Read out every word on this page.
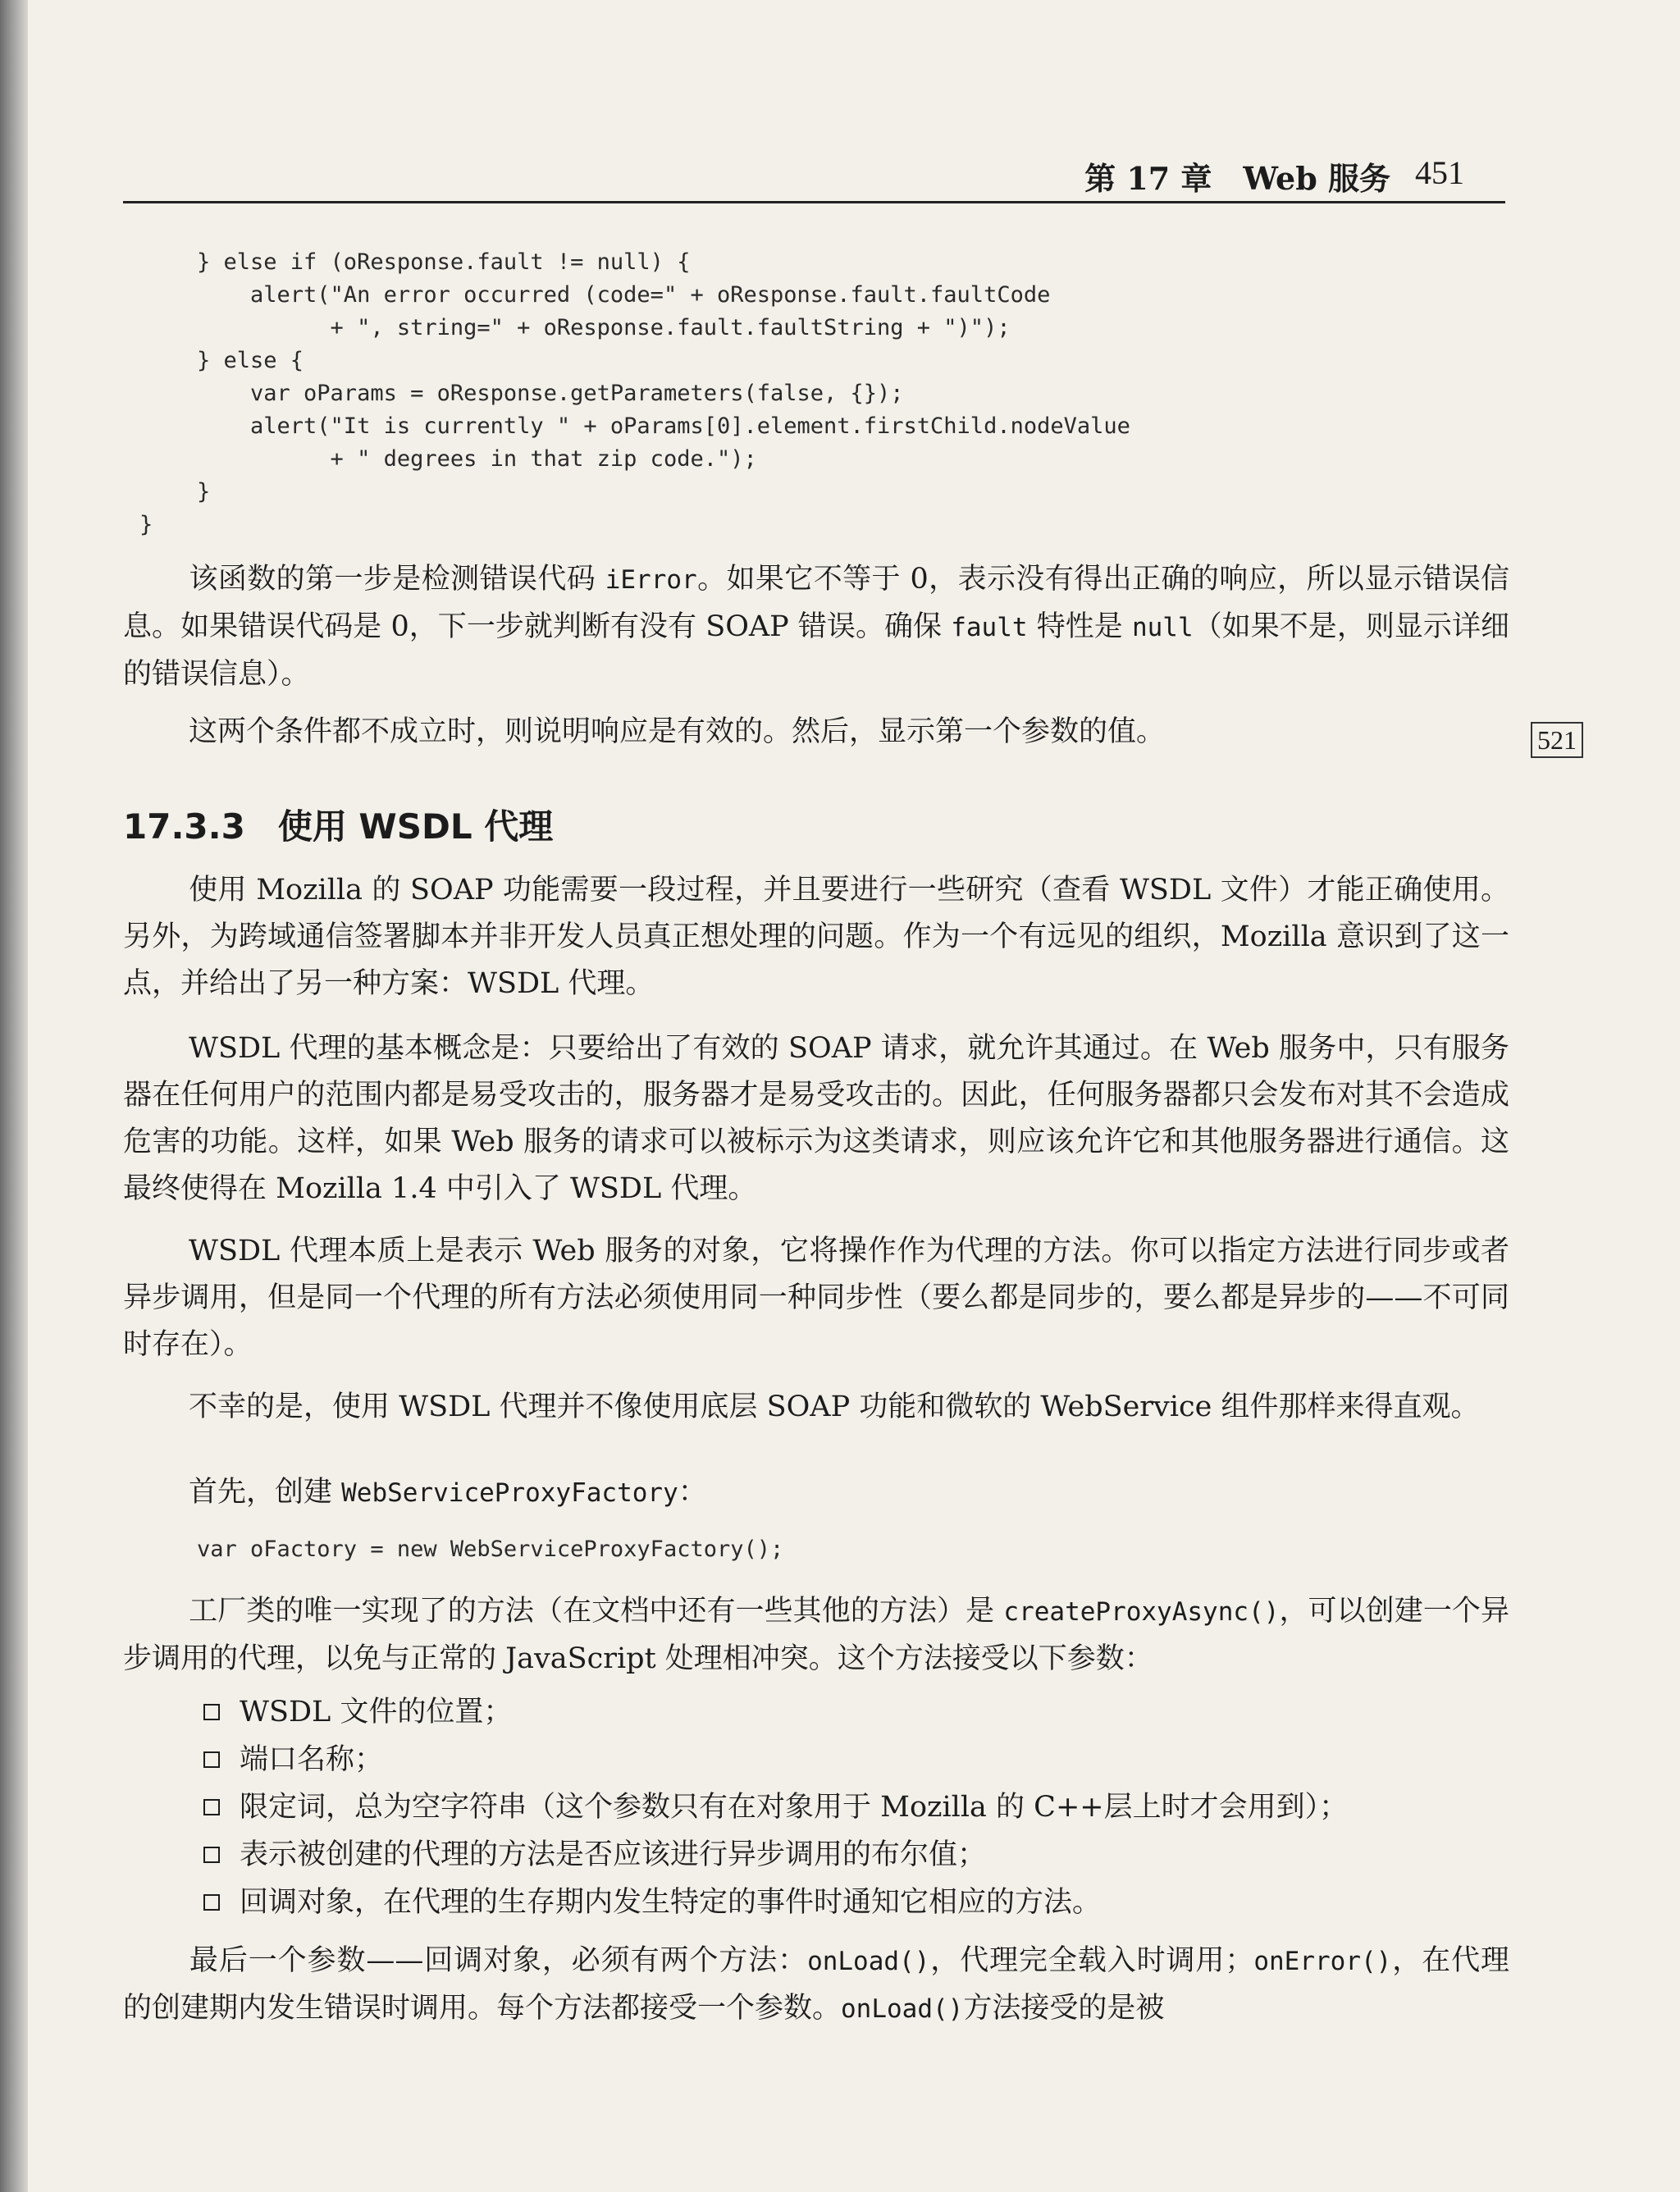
第 17 章　Web 服务 451
} else if (oResponse.fault != null) {
alert("An error occurred (code=" + oResponse.fault.faultCode
+ ", string=" + oResponse.fault.faultString + ")");
} else {
var oParams = oResponse.getParameters(false, {});
alert("It is currently " + oParams[0].element.firstChild.nodeValue
+ " degrees in that zip code.");
}
}

该函数的第一步是检测错误代码 iError。如果它不等于 0，表示没有得出正确的响应，所以显示错误信息。如果错误代码是 0，下一步就判断有没有 SOAP 错误。确保 fault 特性是 null（如果不是，则显示详细的错误信息）。

这两个条件都不成立时，则说明响应是有效的。然后，显示第一个参数的值。	521
17.3.3 使用 WSDL 代理

使用 Mozilla 的 SOAP 功能需要一段过程，并且要进行一些研究（查看 WSDL 文件）才能正确使用。另外，为跨域通信签署脚本并非开发人员真正想处理的问题。作为一个有远见的组织，Mozilla 意识到了这一点，并给出了另一种方案：WSDL 代理。

WSDL 代理的基本概念是：只要给出了有效的 SOAP 请求，就允许其通过。在 Web 服务中，只有服务器在任何用户的范围内都是易受攻击的，服务器才是易受攻击的。因此，任何服务器都只会发布对其不会造成危害的功能。这样，如果 Web 服务的请求可以被标示为这类请求，则应该允许它和其他服务器进行通信。这最终使得在 Mozilla 1.4 中引入了 WSDL 代理。

WSDL 代理本质上是表示 Web 服务的对象，它将操作作为代理的方法。你可以指定方法进行同步或者异步调用，但是同一个代理的所有方法必须使用同一种同步性（要么都是同步的，要么都是异步的——不可同时存在）。

不幸的是，使用 WSDL 代理并不像使用底层 SOAP 功能和微软的 WebService 组件那样来得直观。

首先，创建 WebServiceProxyFactory：

var oFactory = new WebServiceProxyFactory();

工厂类的唯一实现了的方法（在文档中还有一些其他的方法）是 createProxyAsync()，可以创建一个异步调用的代理，以免与正常的 JavaScript 处理相冲突。这个方法接受以下参数：

WSDL 文件的位置；
端口名称；
限定词，总为空字符串（这个参数只有在对象用于 Mozilla 的 C++层上时才会用到）；
表示被创建的代理的方法是否应该进行异步调用的布尔值；
回调对象，在代理的生存期内发生特定的事件时通知它相应的方法。

最后一个参数——回调对象，必须有两个方法：onLoad()，代理完全载入时调用；onError()，在代理的创建期内发生错误时调用。每个方法都接受一个参数。onLoad()方法接受的是被
